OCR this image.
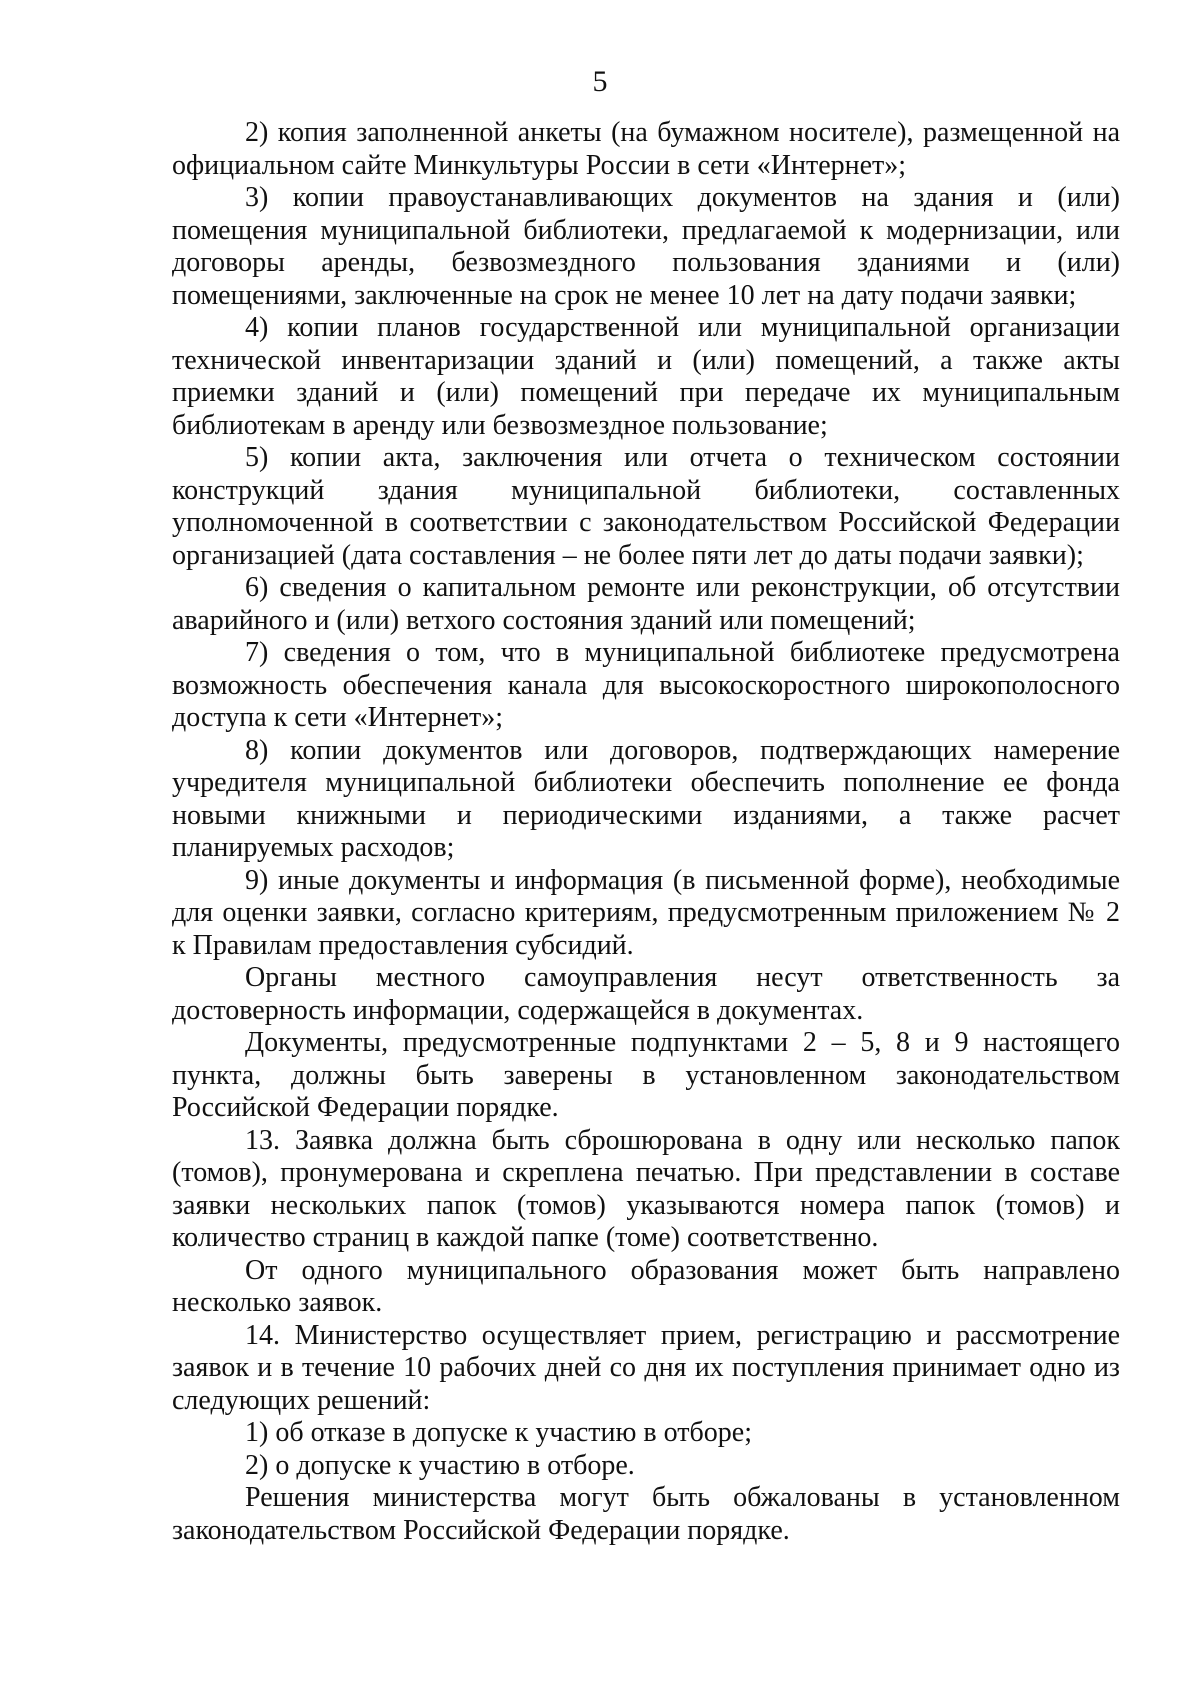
5

2) копия заполненной анкеты (на бумажном носителе), размещенной на официальном сайте Минкультуры России в сети «Интернет»;

3) копии правоустанавливающих документов на здания и (или) помещения муниципальной библиотеки, предлагаемой к модернизации, или договоры аренды, безвозмездного пользования зданиями и (или) помещениями, заключенные на срок не менее 10 лет на дату подачи заявки;

4) копии планов государственной или муниципальной организации технической инвентаризации зданий и (или) помещений, а также акты приемки зданий и (или) помещений при передаче их муниципальным библиотекам в аренду или безвозмездное пользование;

5) копии акта, заключения или отчета о техническом состоянии конструкций здания муниципальной библиотеки, составленных уполномоченной в соответствии с законодательством Российской Федерации организацией (дата составления – не более пяти лет до даты подачи заявки);

6) сведения о капитальном ремонте или реконструкции, об отсутствии аварийного и (или) ветхого состояния зданий или помещений;

7) сведения о том, что в муниципальной библиотеке предусмотрена возможность обеспечения канала для высокоскоростного широкополосного доступа к сети «Интернет»;

8) копии документов или договоров, подтверждающих намерение учредителя муниципальной библиотеки обеспечить пополнение ее фонда новыми книжными и периодическими изданиями, а также расчет планируемых расходов;

9) иные документы и информация (в письменной форме), необходимые для оценки заявки, согласно критериям, предусмотренным приложением № 2 к Правилам предоставления субсидий.

Органы местного самоуправления несут ответственность за достоверность информации, содержащейся в документах.

Документы, предусмотренные подпунктами 2 – 5, 8 и 9 настоящего пункта, должны быть заверены в установленном законодательством Российской Федерации порядке.

13. Заявка должна быть сброшюрована в одну или несколько папок (томов), пронумерована и скреплена печатью. При представлении в составе заявки нескольких папок (томов) указываются номера папок (томов) и количество страниц в каждой папке (томе) соответственно.

От одного муниципального образования может быть направлено несколько заявок.

14. Министерство осуществляет прием, регистрацию и рассмотрение заявок и в течение 10 рабочих дней со дня их поступления принимает одно из следующих решений:

1) об отказе в допуске к участию в отборе;

2) о допуске к участию в отборе.

Решения министерства могут быть обжалованы в установленном законодательством Российской Федерации порядке.
